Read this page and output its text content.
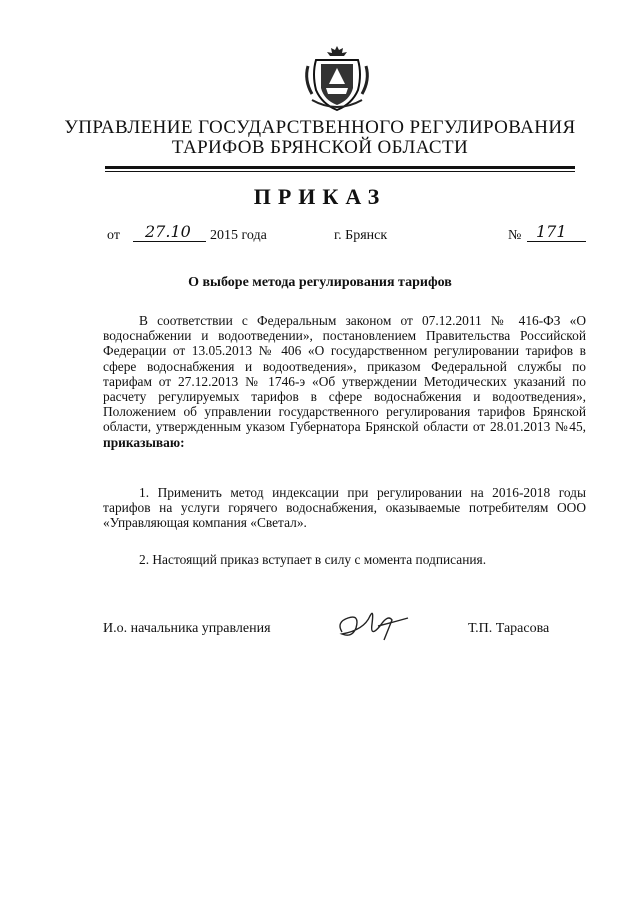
УПРАВЛЕНИЕ ГОСУДАРСТВЕННОГО РЕГУЛИРОВАНИЯ
ТАРИФОВ БРЯНСКОЙ ОБЛАСТИ
ПРИКАЗ
от 27.10 2015 года	г. Брянск	№ 171
О выборе метода регулирования тарифов
В соответствии с Федеральным законом от 07.12.2011 № 416-ФЗ «О водоснабжении и водоотведении», постановлением Правительства Российской Федерации от 13.05.2013 № 406 «О государственном регулировании тарифов в сфере водоснабжения и водоотведения», приказом Федеральной службы по тарифам от 27.12.2013 № 1746-э «Об утверждении Методических указаний по расчету регулируемых тарифов в сфере водоснабжения и водоотведения», Положением об управлении государственного регулирования тарифов Брянской области, утвержденным указом Губернатора Брянской области от 28.01.2013 №45, приказываю:
1. Применить метод индексации при регулировании на 2016-2018 годы тарифов на услуги горячего водоснабжения, оказываемые потребителям ООО «Управляющая компания «Светал».
2. Настоящий приказ вступает в силу с момента подписания.
И.о. начальника управления	Т.П. Тарасова
